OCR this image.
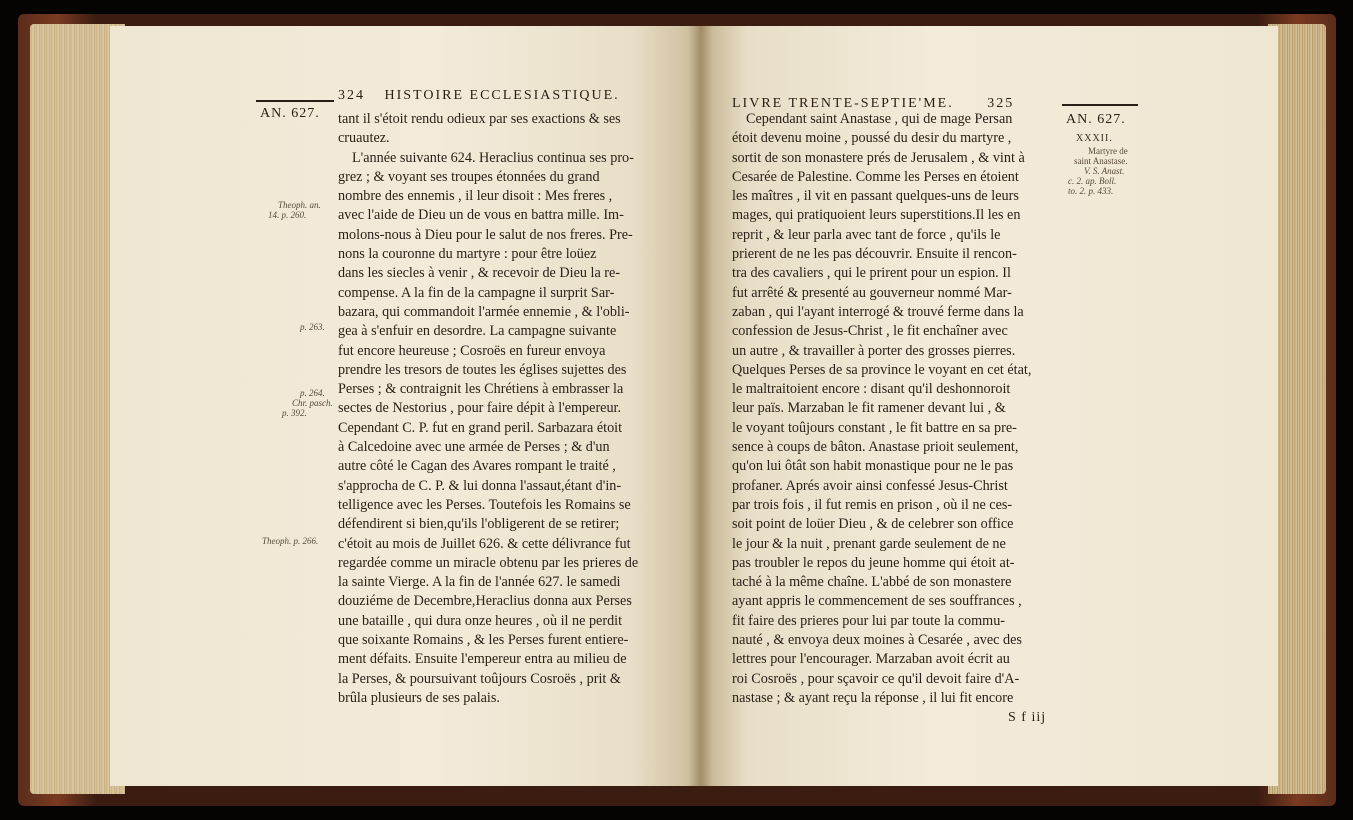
324 HISTOIRE ECCLESIASTIQUE.
AN. 627.
Theoph. an.
14. p. 260.
p. 263.
p. 264.
Chr. pasch.
p. 392.
Theoph. p. 266.
tant il s'étoit rendu odieux par ses exactions & ses
cruautez.
L'année suivante 624. Heraclius continua ses pro-
grez ; & voyant ses troupes étonnées du grand
nombre des ennemis , il leur disoit : Mes freres ,
avec l'aide de Dieu un de vous en battra mille. Im-
molons-nous à Dieu pour le salut de nos freres. Pre-
nons la couronne du martyre : pour être loüez
dans les siecles à venir , & recevoir de Dieu la re-
compense. A la fin de la campagne il surprit Sar-
bazara, qui commandoit l'armée ennemie , & l'obli-
gea à s'enfuir en desordre. La campagne suivante
fut encore heureuse ; Cosroës en fureur envoya
prendre les tresors de toutes les églises sujettes des
Perses ; & contraignit les Chrétiens à embrasser la
sectes de Nestorius , pour faire dépit à l'empereur.
Cependant C. P. fut en grand peril. Sarbazara étoit
à Calcedoine avec une armée de Perses ; & d'un
autre côté le Cagan des Avares rompant le traité ,
s'approcha de C. P. & lui donna l'assaut,étant d'in-
telligence avec les Perses. Toutefois les Romains se
défendirent si bien,qu'ils l'obligerent de se retirer;
c'étoit au mois de Juillet 626. & cette délivrance fut
regardée comme un miracle obtenu par les prieres de
la sainte Vierge. A la fin de l'année 627. le samedi
douziéme de Decembre,Heraclius donna aux Perses
une bataille , qui dura onze heures , où il ne perdit
que soixante Romains , & les Perses furent entiere-
ment défaits. Ensuite l'empereur entra au milieu de
la Perses, & poursuivant toûjours Cosroës , prit &
brûla plusieurs de ses palais.
LIVRE TRENTE-SEPTIE'ME. 325
AN. 627.
XXXII.
Martyre de
saint Anastase.
V. S. Anast.
c. 2. ap. Boll.
to. 2. p. 433.
Cependant saint Anastase , qui de mage Persan
étoit devenu moine , poussé du desir du martyre ,
sortit de son monastere prés de Jerusalem , & vint à
Cesarée de Palestine. Comme les Perses en étoient
les maîtres , il vit en passant quelques-uns de leurs
mages, qui pratiquoient leurs superstitions.Il les en
reprit , & leur parla avec tant de force , qu'ils le
prierent de ne les pas découvrir. Ensuite il rencon-
tra des cavaliers , qui le prirent pour un espion. Il
fut arrêté & presenté au gouverneur nommé Mar-
zaban , qui l'ayant interrogé & trouvé ferme dans la
confession de Jesus-Christ , le fit enchaîner avec
un autre , & travailler à porter des grosses pierres.
Quelques Perses de sa province le voyant en cet état,
le maltraitoient encore : disant qu'il deshonnoroit
leur païs. Marzaban le fit ramener devant lui , &
le voyant toûjours constant , le fit battre en sa pre-
sence à coups de bâton. Anastase prioit seulement,
qu'on lui ôtât son habit monastique pour ne le pas
profaner. Aprés avoir ainsi confessé Jesus-Christ
par trois fois , il fut remis en prison , où il ne ces-
soit point de loüer Dieu , & de celebrer son office
le jour & la nuit , prenant garde seulement de ne
pas troubler le repos du jeune homme qui étoit at-
taché à la même chaîne. L'abbé de son monastere
ayant appris le commencement de ses souffrances ,
fit faire des prieres pour lui par toute la commu-
nauté , & envoya deux moines à Cesarée , avec des
lettres pour l'encourager. Marzaban avoit écrit au
roi Cosroës , pour sçavoir ce qu'il devoit faire d'A-
nastase ; & ayant reçu la réponse , il lui fit encore
S f iij
